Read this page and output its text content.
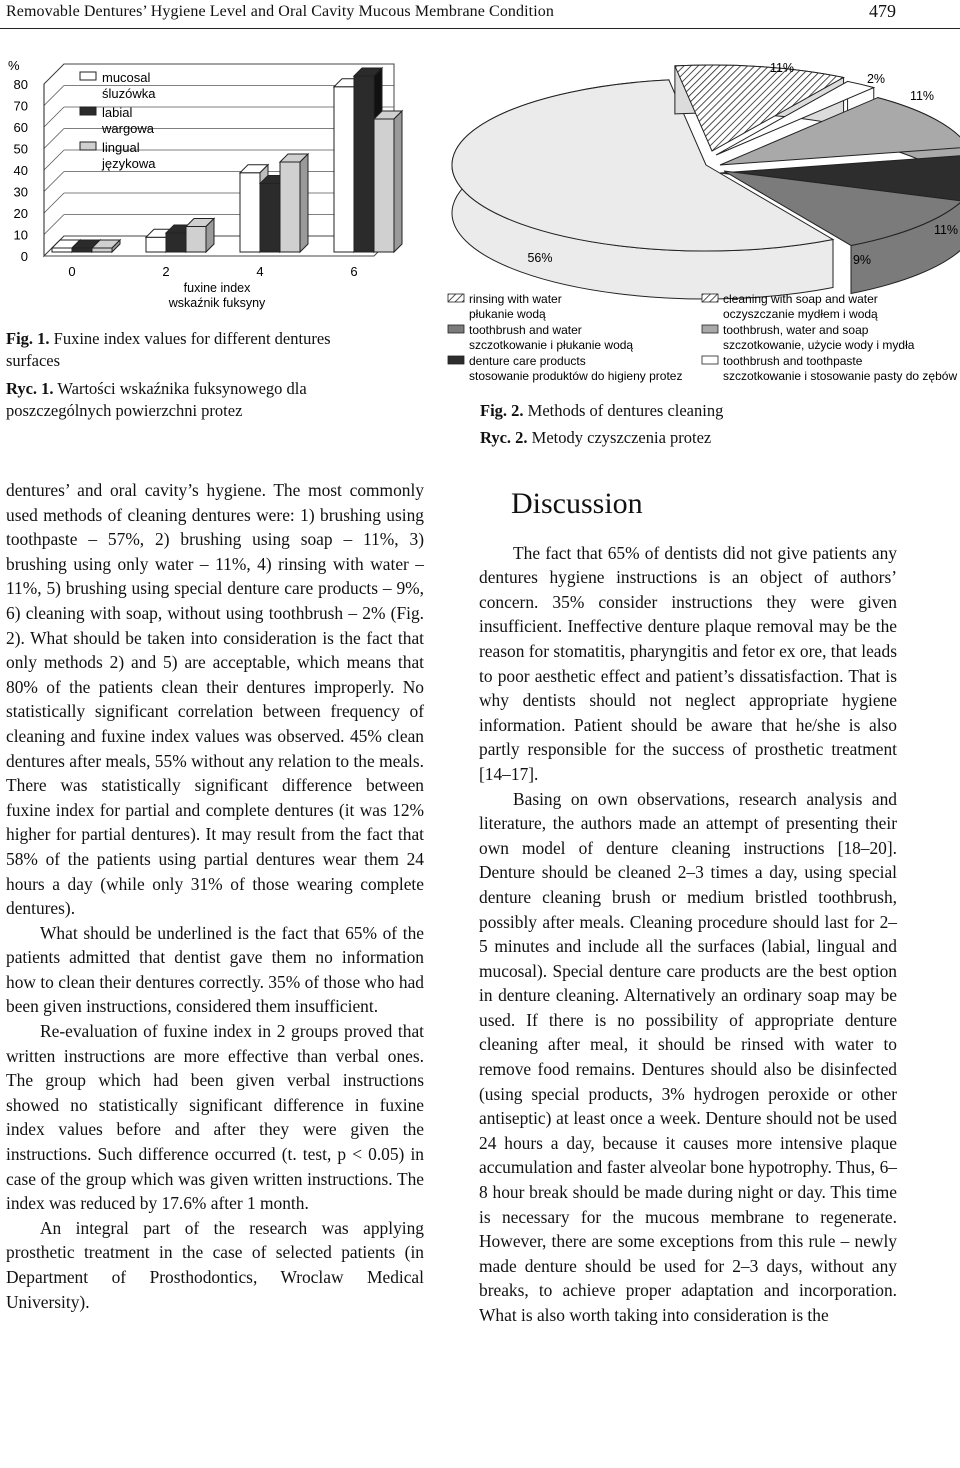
Removable Dentures’ Hygiene Level and Oral Cavity Mucous Membrane Condition	479
%
0
10
20
30
40
50
60
70
80
0	2	4	6
fuxine index
wskaźnik fuksyny
mucosal
śluzówka
labial
wargowa
lingual
językowa
56%
11%
2%
11%
9%
11%
rinsing with water
płukanie wodą
toothbrush and water
szczotkowanie i płukanie wodą
denture care products
stosowanie produktów do higieny protez
cleaning with soap and water
oczyszczanie mydłem i wodą
toothbrush, water and soap
szczotkowanie, użycie wody i mydła
toothbrush and toothpaste
szczotkowanie i stosowanie pasty do zębów
Fig. 1. Fuxine index values for different dentures surfaces
Ryc. 1. Wartości wskaźnika fuksynowego dla poszczególnych powierzchni protez	Fig. 2. Methods of dentures cleaning
Ryc. 2. Metody czyszczenia protez

dentures’ and oral cavity’s hygiene. The most commonly used methods of cleaning dentures were: 1) brushing using toothpaste – 57%, 2) brushing using soap – 11%, 3) brushing using only water – 11%, 4) rinsing with water – 11%, 5) brushing using special denture care products – 9%, 6) cleaning with soap, without using toothbrush – 2% (Fig. 2). What should be taken into consideration is the fact that only methods 2) and 5) are acceptable, which means that 80% of the patients clean their dentures improperly. No statistically significant correlation between frequency of cleaning and fuxine index values was observed. 45% clean dentures after meals, 55% without any relation to the meals. There was statistically significant difference between fuxine index for partial and complete dentures (it was 12% higher for partial dentures). It may result from the fact that 58% of the patients using partial dentures wear them 24 hours a day (while only 31% of those wearing complete dentures).

What should be underlined is the fact that 65% of the patients admitted that dentist gave them no information how to clean their dentures correctly. 35% of those who had been given instructions, considered them insufficient.

Re-evaluation of fuxine index in 2 groups proved that written instructions are more effective than verbal ones. The group which had been given verbal instructions showed no statistically significant difference in fuxine index values before and after they were given the instructions. Such difference occurred (t. test, p < 0.05) in case of the group which was given written instructions. The index was reduced by 17.6% after 1 month.

An integral part of the research was applying prosthetic treatment in the case of selected patients (in Department of Prosthodontics, Wroclaw Medical University).

Discussion

The fact that 65% of dentists did not give patients any dentures hygiene instructions is an object of authors’ concern. 35% consider instructions they were given insufficient. Ineffective denture plaque removal may be the reason for stomatitis, pharyngitis and fetor ex ore, that leads to poor aesthetic effect and patient’s dissatisfaction. That is why dentists should not neglect appropriate hygiene information. Patient should be aware that he/she is also partly responsible for the success of prosthetic treatment [14–17].

Basing on own observations, research analysis and literature, the authors made an attempt of presenting their own model of denture cleaning instructions [18–20]. Denture should be cleaned 2–3 times a day, using special denture cleaning brush or medium bristled toothbrush, possibly after meals. Cleaning procedure should last for 2–5 minutes and include all the surfaces (labial, lingual and mucosal). Special denture care products are the best option in denture cleaning. Alternatively an ordinary soap may be used. If there is no possibility of appropriate denture cleaning after meal, it should be rinsed with water to remove food remains. Dentures should also be disinfected (using special products, 3% hydrogen peroxide or other antiseptic) at least once a week. Denture should not be used 24 hours a day, because it causes more intensive plaque accumulation and faster alveolar bone hypotrophy. Thus, 6–8 hour break should be made during night or day. This time is necessary for the mucous membrane to regenerate. However, there are some exceptions from this rule – newly made denture should be used for 2–3 days, without any breaks, to achieve proper adaptation and incorporation. What is also worth taking into consideration is the
